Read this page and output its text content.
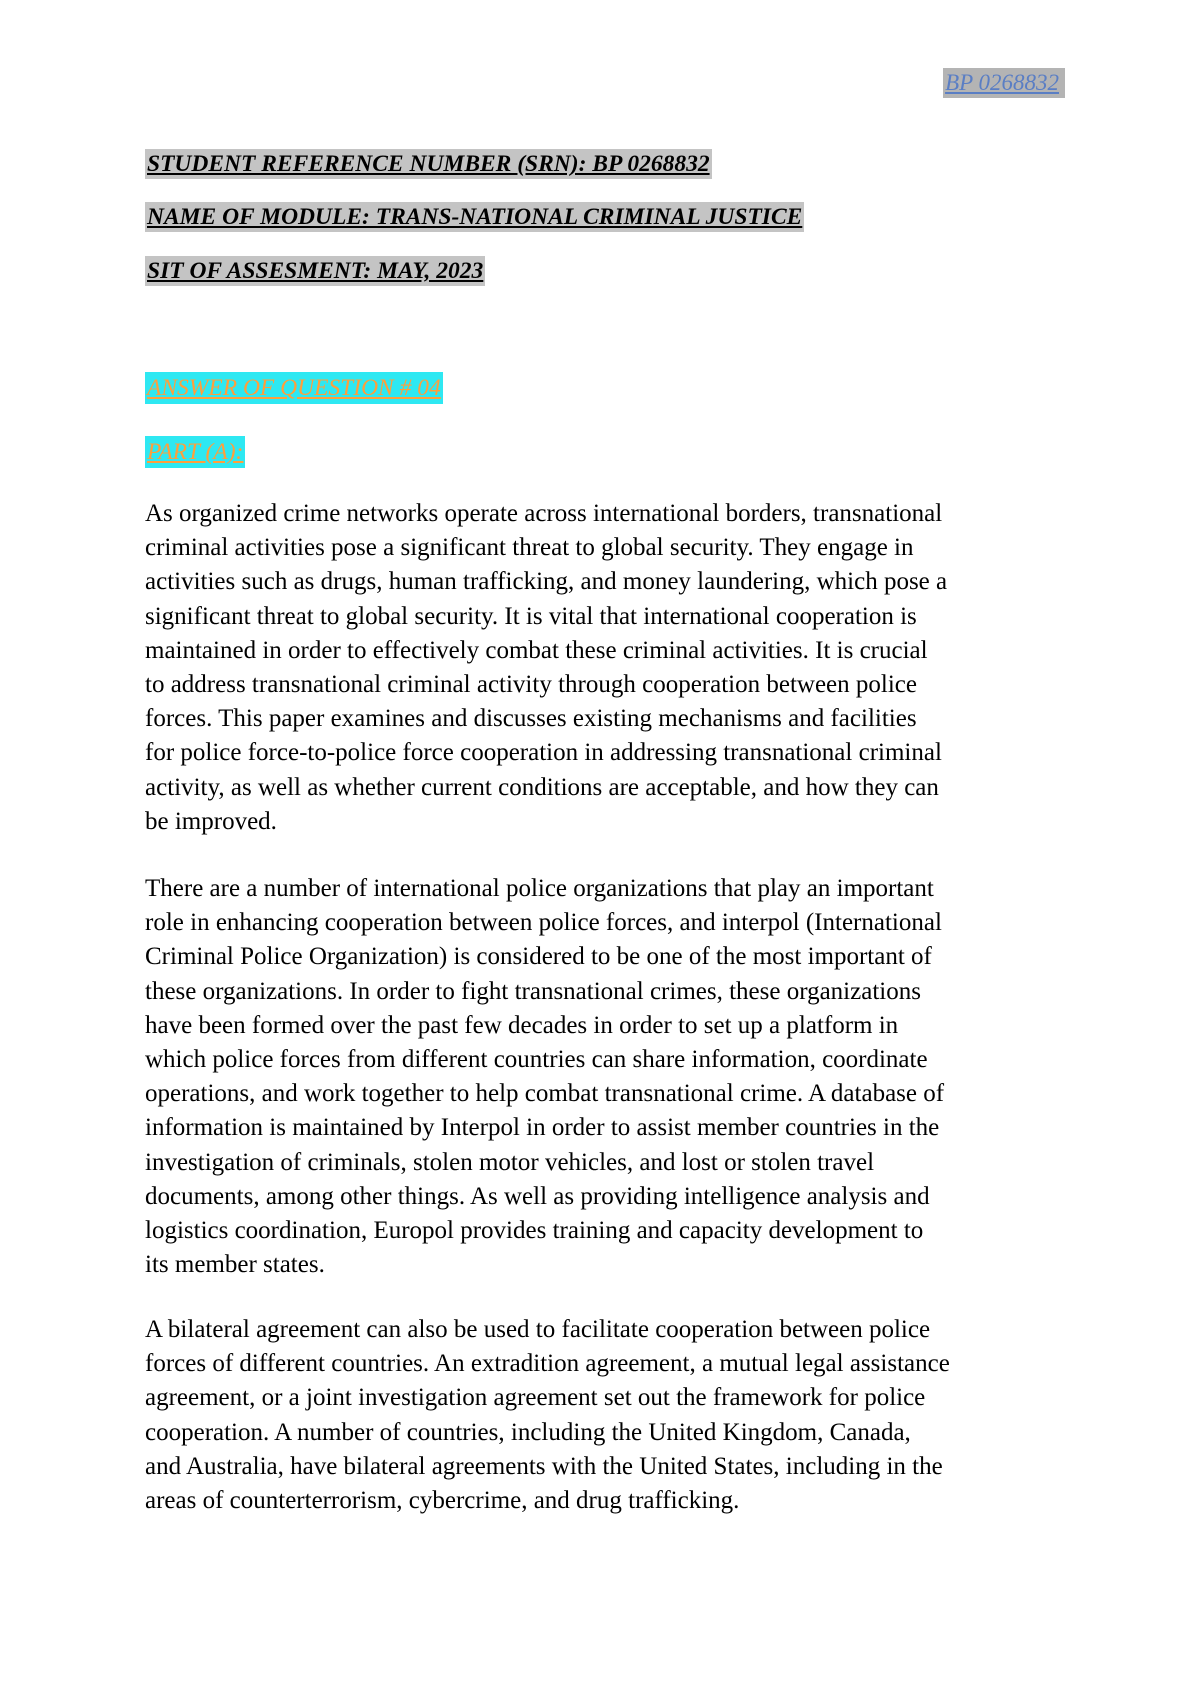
BP 0268832
STUDENT REFERENCE NUMBER (SRN): BP 0268832
NAME OF MODULE: TRANS-NATIONAL CRIMINAL JUSTICE
SIT OF ASSESMENT: MAY, 2023
ANSWER OF QUESTION # 04
PART (A):

As organized crime networks operate across international borders, transnational
criminal activities pose a significant threat to global security. They engage in
activities such as drugs, human trafficking, and money laundering, which pose a
significant threat to global security. It is vital that international cooperation is
maintained in order to effectively combat these criminal activities. It is crucial
to address transnational criminal activity through cooperation between police
forces. This paper examines and discusses existing mechanisms and facilities
for police force-to-police force cooperation in addressing transnational criminal
activity, as well as whether current conditions are acceptable, and how they can
be improved.

There are a number of international police organizations that play an important
role in enhancing cooperation between police forces, and interpol (International
Criminal Police Organization) is considered to be one of the most important of
these organizations. In order to fight transnational crimes, these organizations
have been formed over the past few decades in order to set up a platform in
which police forces from different countries can share information, coordinate
operations, and work together to help combat transnational crime. A database of
information is maintained by Interpol in order to assist member countries in the
investigation of criminals, stolen motor vehicles, and lost or stolen travel
documents, among other things. As well as providing intelligence analysis and
logistics coordination, Europol provides training and capacity development to
its member states.

A bilateral agreement can also be used to facilitate cooperation between police
forces of different countries. An extradition agreement, a mutual legal assistance
agreement, or a joint investigation agreement set out the framework for police
cooperation. A number of countries, including the United Kingdom, Canada,
and Australia, have bilateral agreements with the United States, including in the
areas of counterterrorism, cybercrime, and drug trafficking.
